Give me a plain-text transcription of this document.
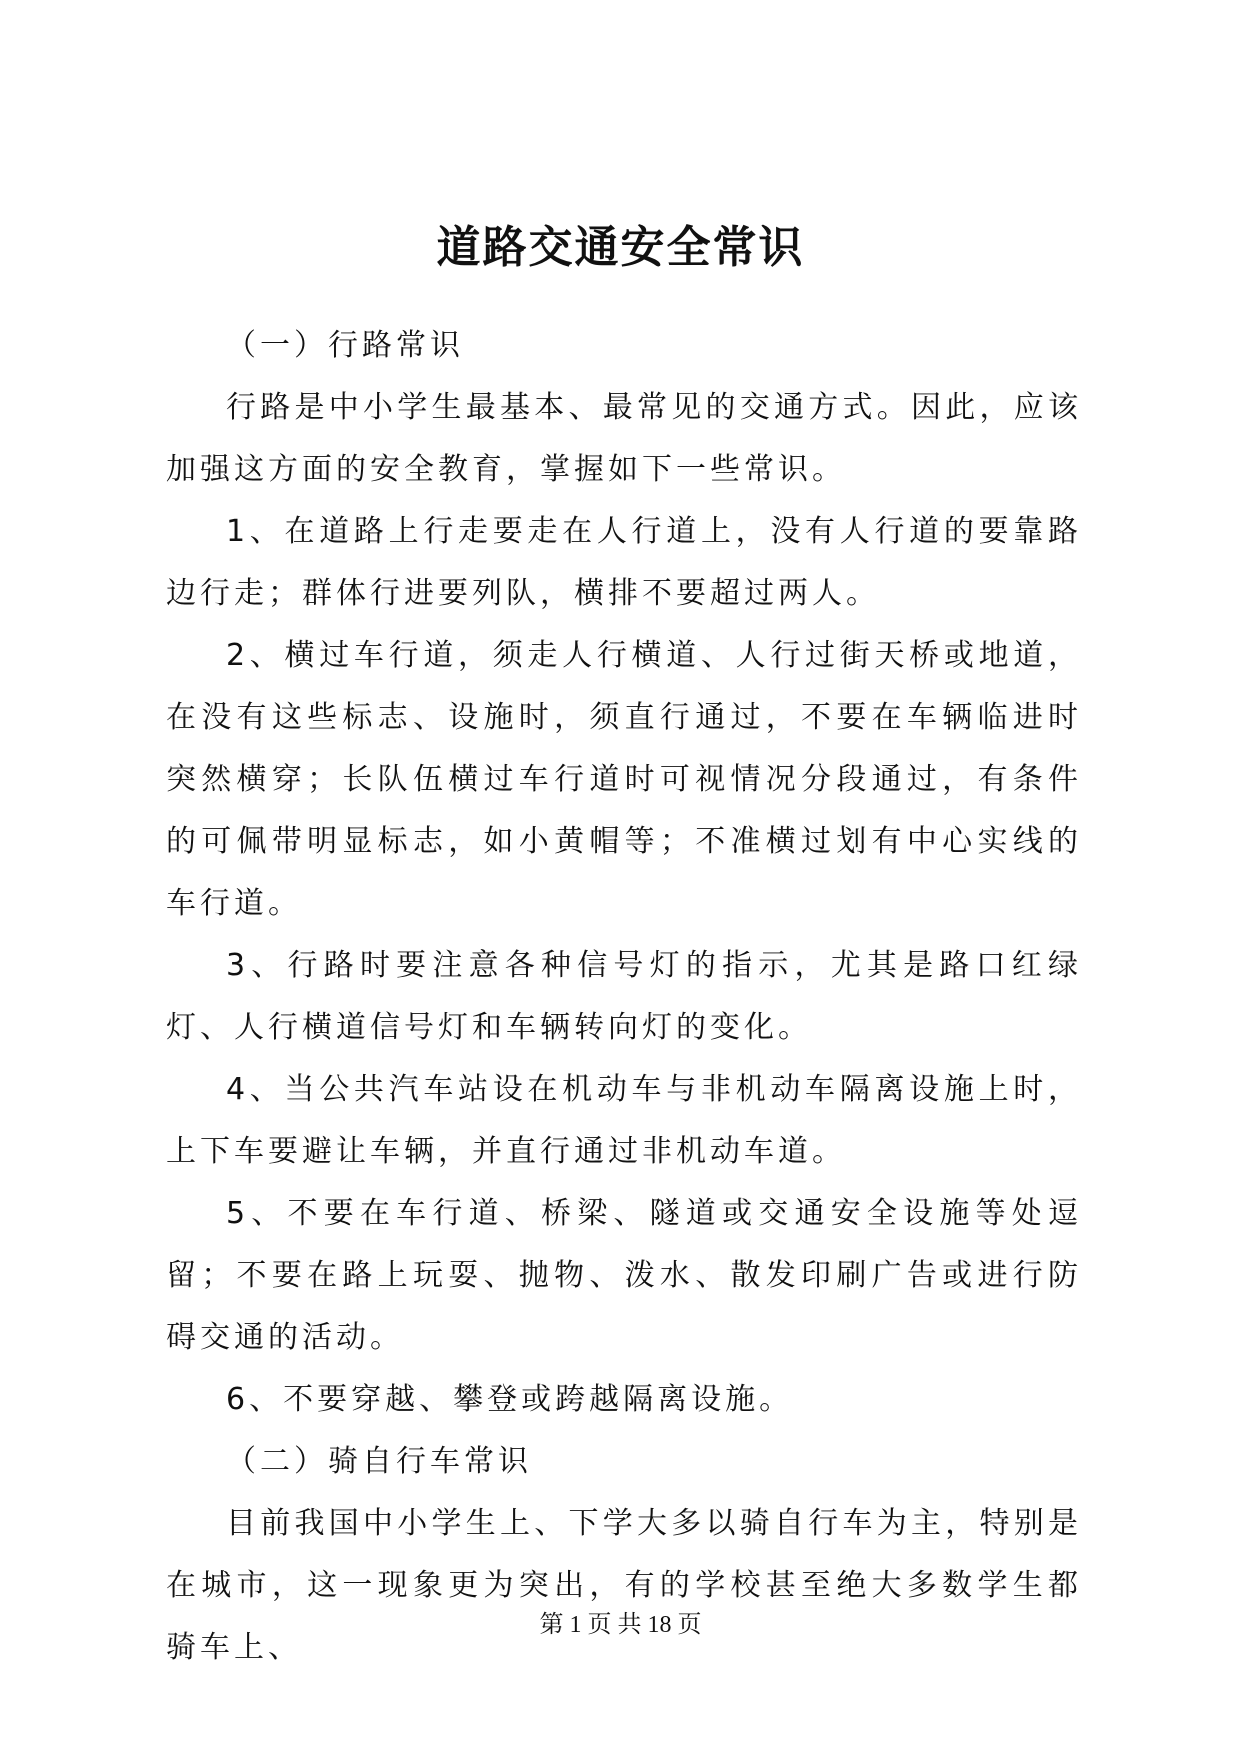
道路交通安全常识

（一）行路常识

行路是中小学生最基本、最常见的交通方式。因此，应该加强这方面的安全教育，掌握如下一些常识。

1、在道路上行走要走在人行道上，没有人行道的要靠路边行走；群体行进要列队，横排不要超过两人。

2、横过车行道，须走人行横道、人行过街天桥或地道，在没有这些标志、设施时，须直行通过，不要在车辆临进时突然横穿；长队伍横过车行道时可视情况分段通过，有条件的可佩带明显标志，如小黄帽等；不准横过划有中心实线的车行道。

3、行路时要注意各种信号灯的指示，尤其是路口红绿灯、人行横道信号灯和车辆转向灯的变化。

4、当公共汽车站设在机动车与非机动车隔离设施上时，上下车要避让车辆，并直行通过非机动车道。

5、不要在车行道、桥梁、隧道或交通安全设施等处逗留；不要在路上玩耍、抛物、泼水、散发印刷广告或进行防碍交通的活动。

6、不要穿越、攀登或跨越隔离设施。

（二）骑自行车常识

目前我国中小学生上、下学大多以骑自行车为主，特别是在城市，这一现象更为突出，有的学校甚至绝大多数学生都骑车上、

第 1 页 共 18 页
